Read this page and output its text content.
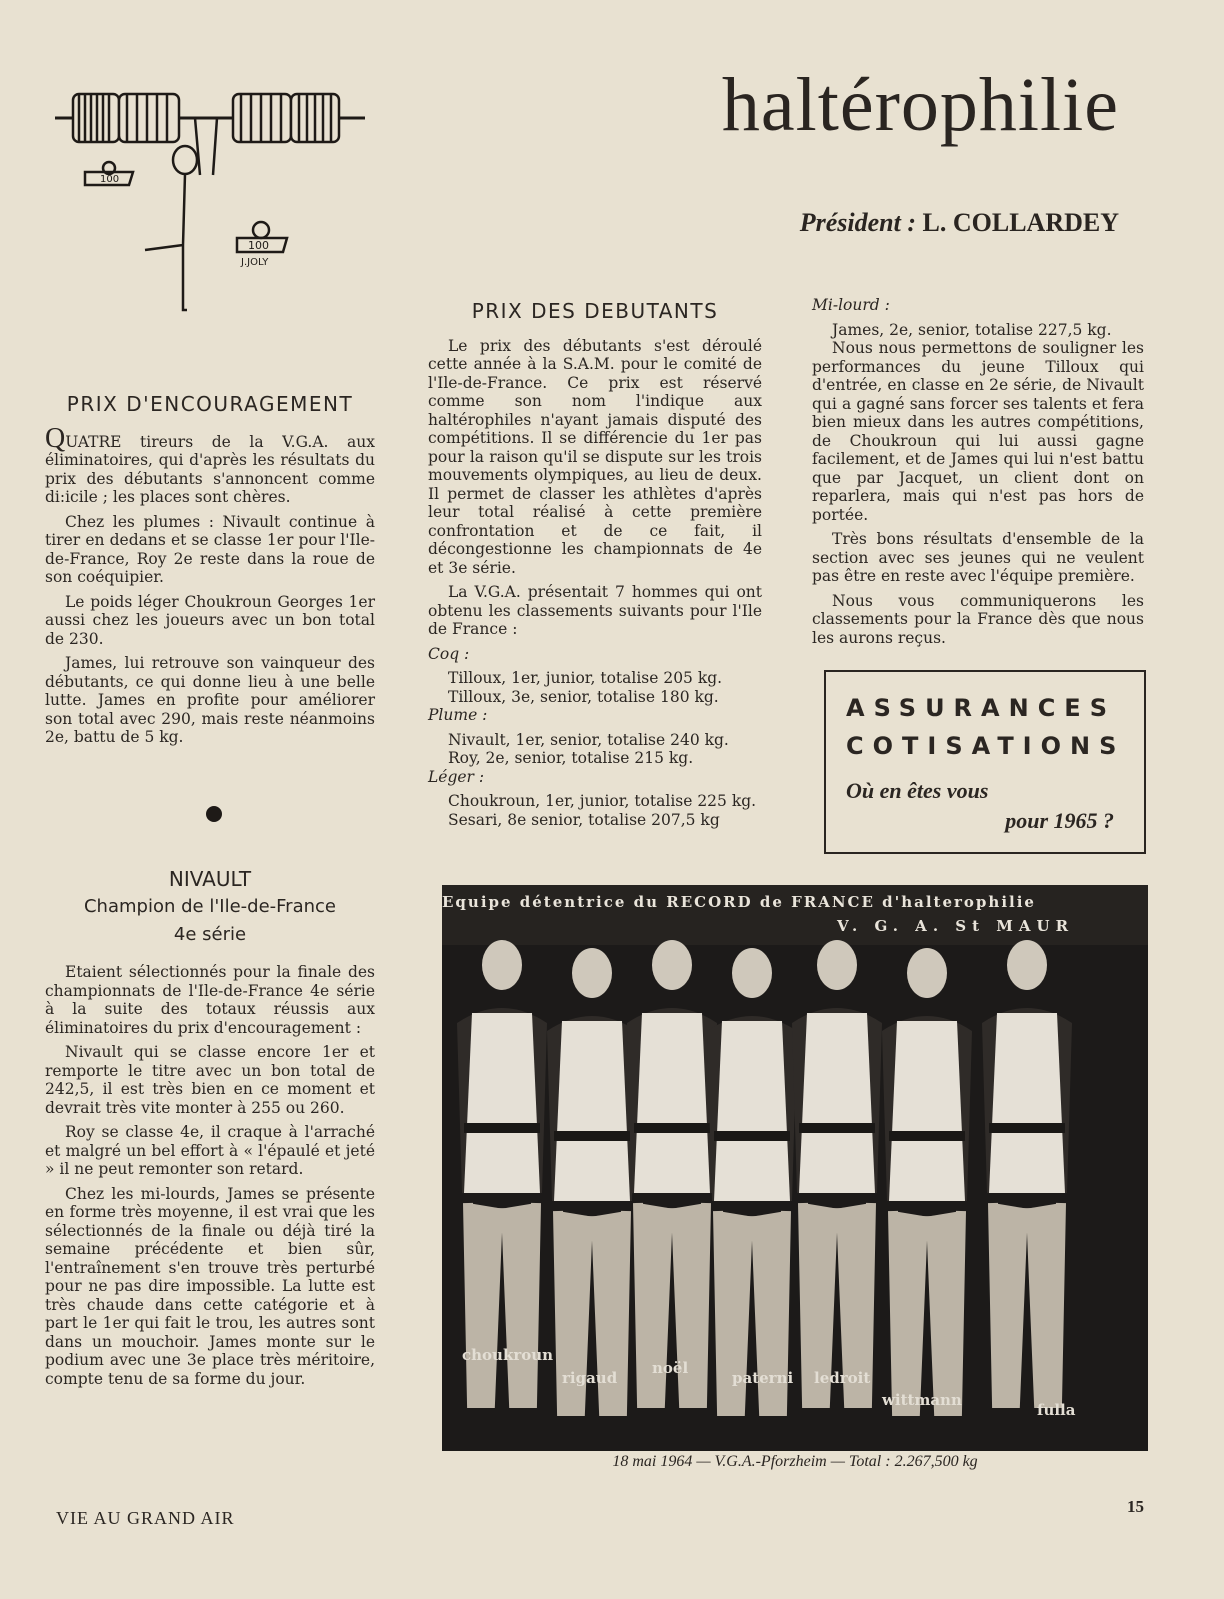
100
100
J.JOLY
haltérophilie
Président : L. COLLARDEY
PRIX D'ENCOURAGEMENT

QUATRE tireurs de la V.G.A. aux éliminatoires, qui d'après les résultats du prix des débutants s'annoncent comme di:icile ; les places sont chères.

Chez les plumes : Nivault continue à tirer en dedans et se classe 1er pour l'Ile-de-France, Roy 2e reste dans la roue de son coéquipier.

Le poids léger Choukroun Georges 1er aussi chez les joueurs avec un bon total de 230.

James, lui retrouve son vainqueur des débutants, ce qui donne lieu à une belle lutte. James en profite pour améliorer son total avec 290, mais reste néanmoins 2e, battu de 5 kg.

NIVAULT
Champion de l'Ile-de-France
4e série

Etaient sélectionnés pour la finale des championnats de l'Ile-de-France 4e série à la suite des totaux réussis aux éliminatoires du prix d'encouragement :

Nivault qui se classe encore 1er et remporte le titre avec un bon total de 242,5, il est très bien en ce moment et devrait très vite monter à 255 ou 260.

Roy se classe 4e, il craque à l'arraché et malgré un bel effort à « l'épaulé et jeté » il ne peut remonter son retard.

Chez les mi-lourds, James se présente en forme très moyenne, il est vrai que les sélectionnés de la finale ou déjà tiré la semaine précédente et bien sûr, l'entraînement s'en trouve très perturbé pour ne pas dire impossible. La lutte est très chaude dans cette catégorie et à part le 1er qui fait le trou, les autres sont dans un mouchoir. James monte sur le podium avec une 3e place très méritoire, compte tenu de sa forme du jour.

PRIX DES DEBUTANTS

Le prix des débutants s'est déroulé cette année à la S.A.M. pour le comité de l'Ile-de-France. Ce prix est réservé comme son nom l'indique aux haltérophiles n'ayant jamais disputé des compétitions. Il se différencie du 1er pas pour la raison qu'il se dispute sur les trois mouvements olympiques, au lieu de deux. Il permet de classer les athlètes d'après leur total réalisé à cette première confrontation et de ce fait, il décongestionne les championnats de 4e et 3e série.

La V.G.A. présentait 7 hommes qui ont obtenu les classements suivants pour l'Ile de France :

Coq :

Tilloux, 1er, junior, totalise 205 kg.

Tilloux, 3e, senior, totalise 180 kg.

Plume :

Nivault, 1er, senior, totalise 240 kg.

Roy, 2e, senior, totalise 215 kg.

Léger :

Choukroun, 1er, junior, totalise 225 kg.

Sesari, 8e senior, totalise 207,5 kg

Mi-lourd :

James, 2e, senior, totalise 227,5 kg.

Nous nous permettons de souligner les performances du jeune Tilloux qui d'entrée, en classe en 2e série, de Nivault qui a gagné sans forcer ses talents et fera bien mieux dans les autres compétitions, de Choukroun qui lui aussi gagne facilement, et de James qui lui n'est battu que par Jacquet, un client dont on reparlera, mais qui n'est pas hors de portée.

Très bons résultats d'ensemble de la section avec ses jeunes qui ne veulent pas être en reste avec l'équipe première.

Nous vous communiquerons les classements pour la France dès que nous les aurons reçus.

ASSURANCES
COTISATIONS
Où en êtes vous
pour 1965 ?
Equipe détentrice du RECORD de FRANCE d'halterophilie
V. G. A. St MAUR
choukroun
rigaud
noël
paterni ledroit
wittmann
fulla
18 mai 1964 — V.G.A.-Pforzheim — Total : 2.267,500 kg
VIE AU GRAND AIR
15
